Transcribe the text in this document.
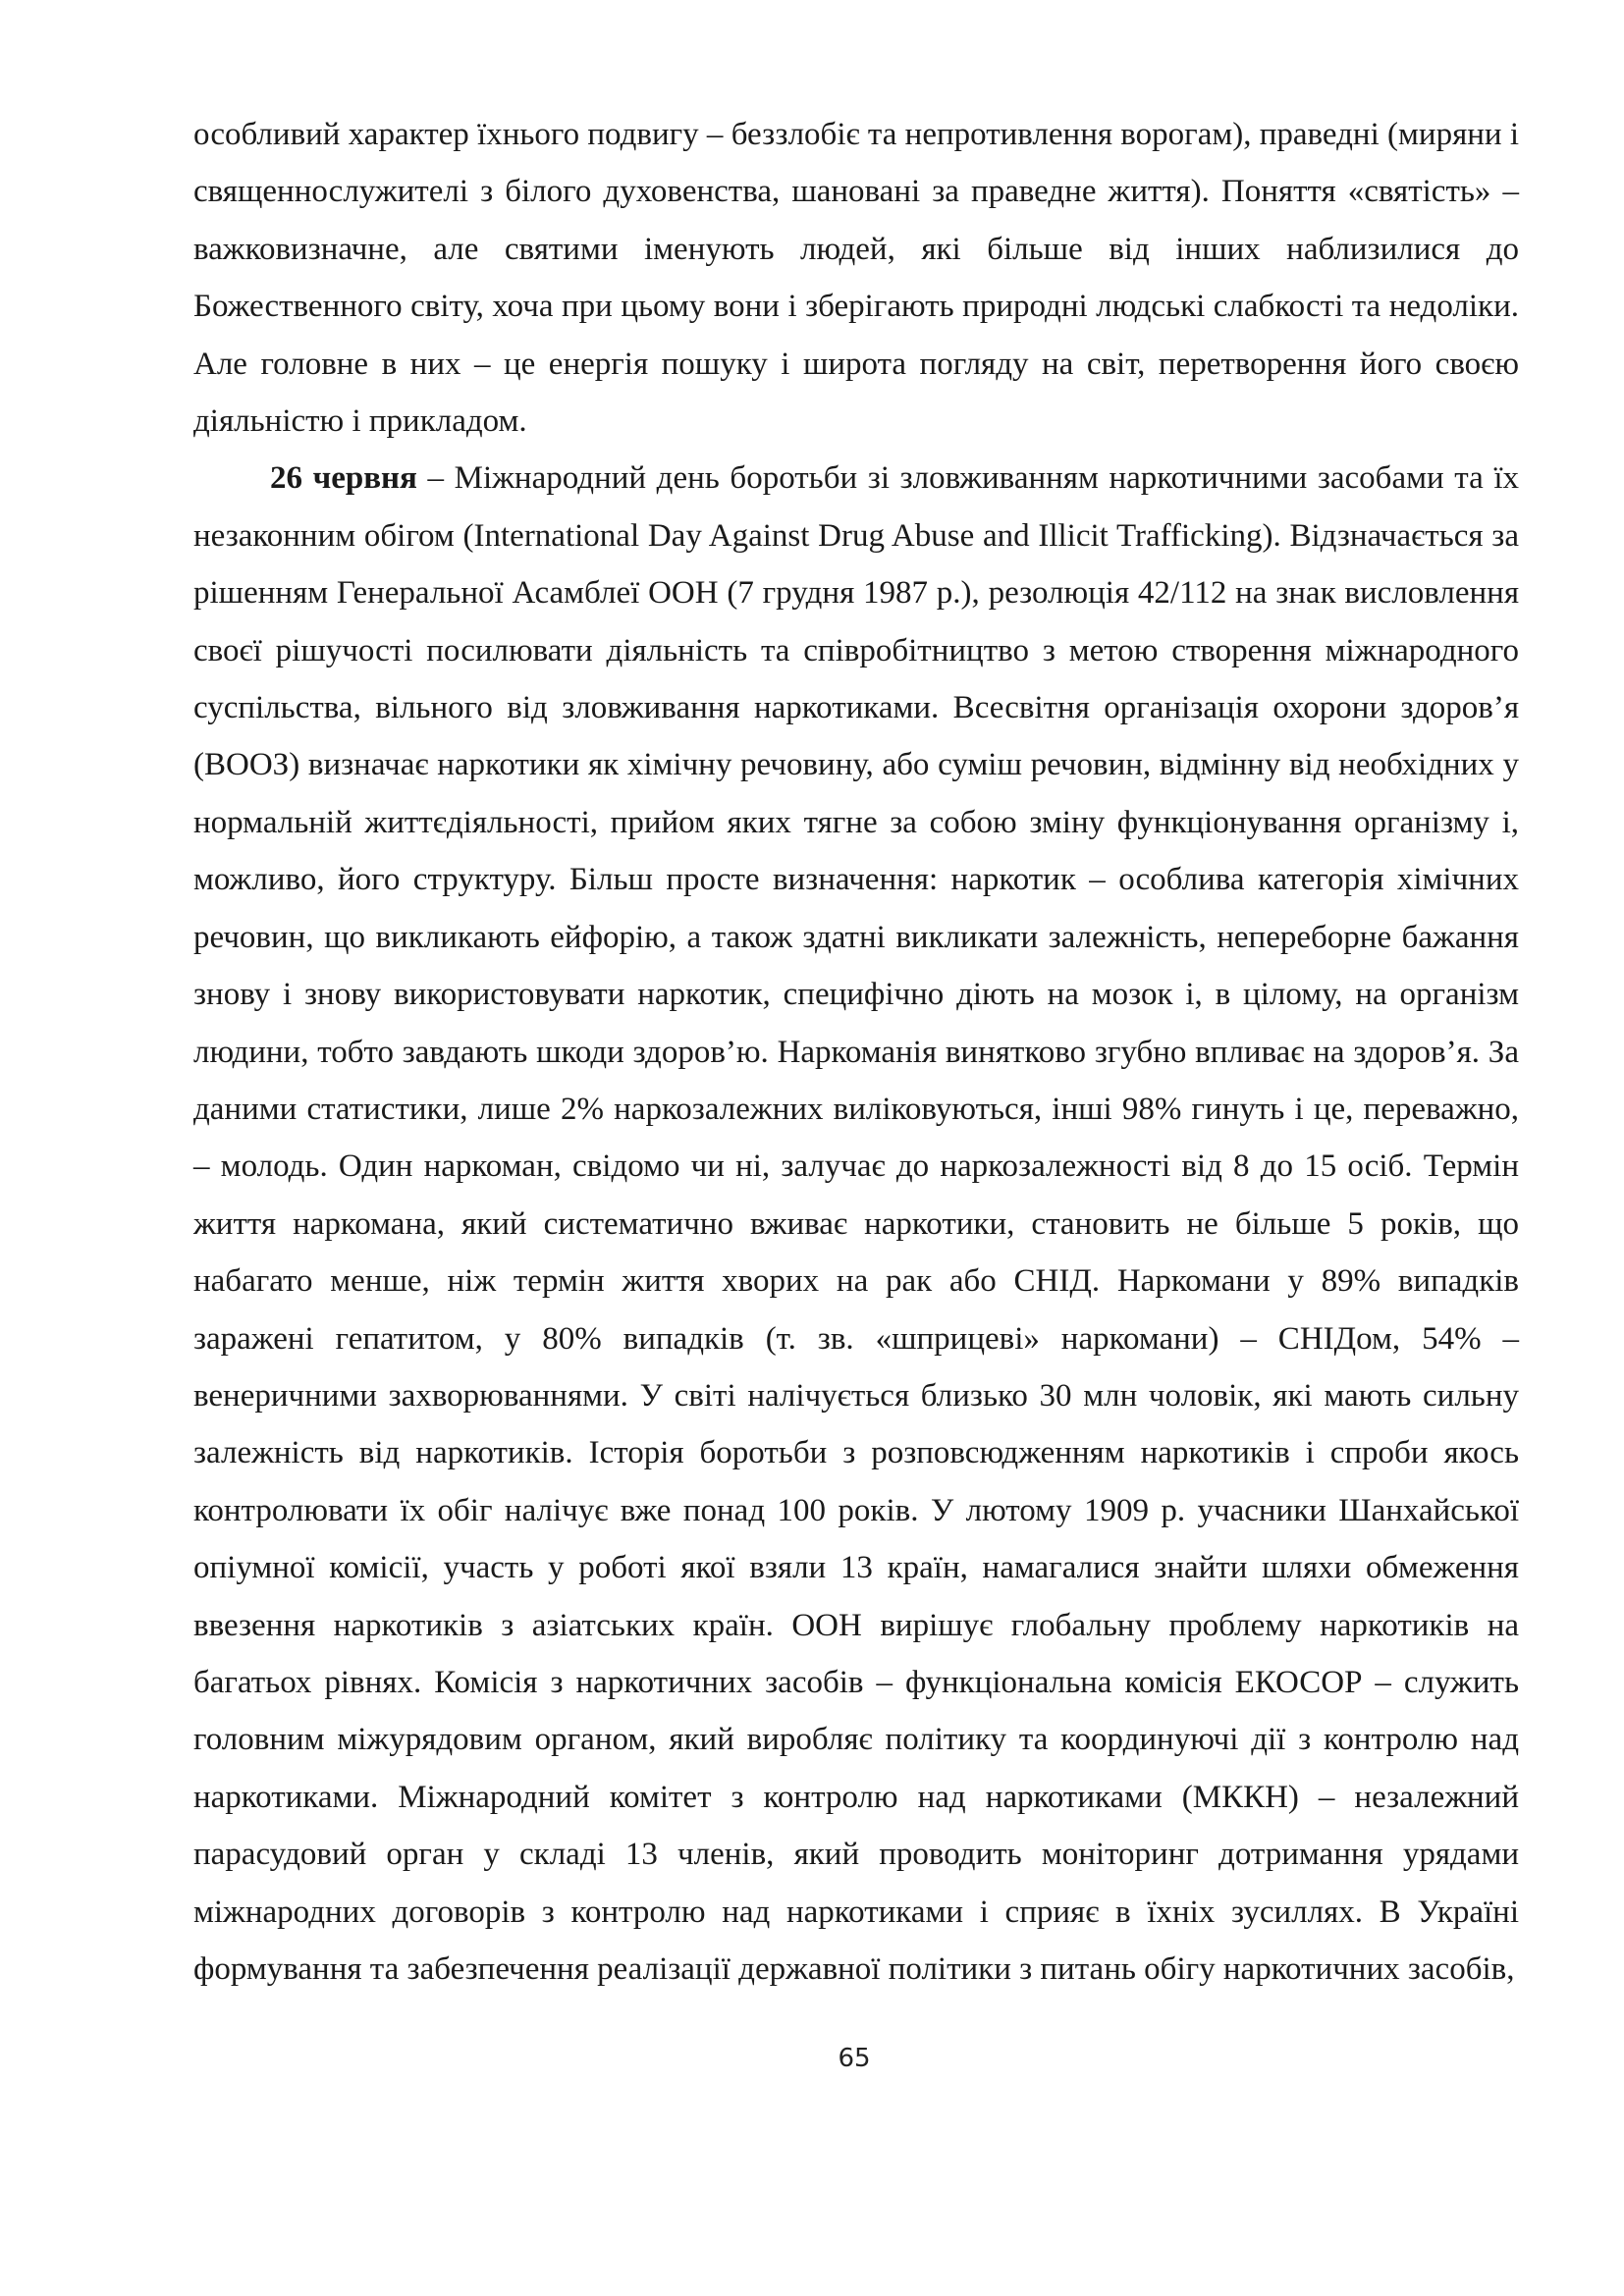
особливий характер їхнього подвигу – беззлобіє та непротивлення ворогам), праведні (миряни і священнослужителі з білого духовенства, шановані за праведне життя). Поняття «святість» – важковизначне, але святими іменують людей, які більше від інших наблизилися до Божественного світу, хоча при цьому вони і зберігають природні людські слабкості та недоліки. Але головне в них – це енергія пошуку і широта погляду на світ, перетворення його своєю діяльністю і прикладом.

26 червня – Міжнародний день боротьби зі зловживанням наркотичними засобами та їх незаконним обігом (International Day Against Drug Abuse and Illicit Trafficking). Відзначається за рішенням Генеральної Асамблеї ООН (7 грудня 1987 р.), резолюція 42/112 на знак висловлення своєї рішучості посилювати діяльність та співробітництво з метою створення міжнародного суспільства, вільного від зловживання наркотиками. Всесвітня організація охорони здоров’я (ВООЗ) визначає наркотики як хімічну речовину, або суміш речовин, відмінну від необхідних у нормальній життєдіяльності, прийом яких тягне за собою зміну функціонування організму і, можливо, його структуру. Більш просте визначення: наркотик – особлива категорія хімічних речовин, що викликають ейфорію, а також здатні викликати залежність, непереборне бажання знову і знову використовувати наркотик, специфічно діють на мозок і, в цілому, на організм людини, тобто завдають шкоди здоров’ю. Наркоманія винятково згубно впливає на здоров’я. За даними статистики, лише 2% наркозалежних виліковуються, інші 98% гинуть і це, переважно, – молодь. Один наркоман, свідомо чи ні, залучає до наркозалежності від 8 до 15 осіб. Термін життя наркомана, який систематично вживає наркотики, становить не більше 5 років, що набагато менше, ніж термін життя хворих на рак або СНІД. Наркомани у 89% випадків заражені гепатитом, у 80% випадків (т. зв. «шприцеві» наркомани) – СНІДом, 54% – венеричними захворюваннями. У світі налічується близько 30 млн чоловік, які мають сильну залежність від наркотиків. Історія боротьби з розповсюдженням наркотиків і спроби якось контролювати їх обіг налічує вже понад 100 років. У лютому 1909 р. учасники Шанхайської опіумної комісії, участь у роботі якої взяли 13 країн, намагалися знайти шляхи обмеження ввезення наркотиків з азіатських країн. ООН вирішує глобальну проблему наркотиків на багатьох рівнях. Комісія з наркотичних засобів – функціональна комісія ЕКОСОР – служить головним міжурядовим органом, який виробляє політику та координуючі дії з контролю над наркотиками. Міжнародний комітет з контролю над наркотиками (МККН) – незалежний парасудовий орган у складі 13 членів, який проводить моніторинг дотримання урядами міжнародних договорів з контролю над наркотиками і сприяє в їхніх зусиллях. В Україні формування та забезпечення реалізації державної політики з питань обігу наркотичних засобів,

65
